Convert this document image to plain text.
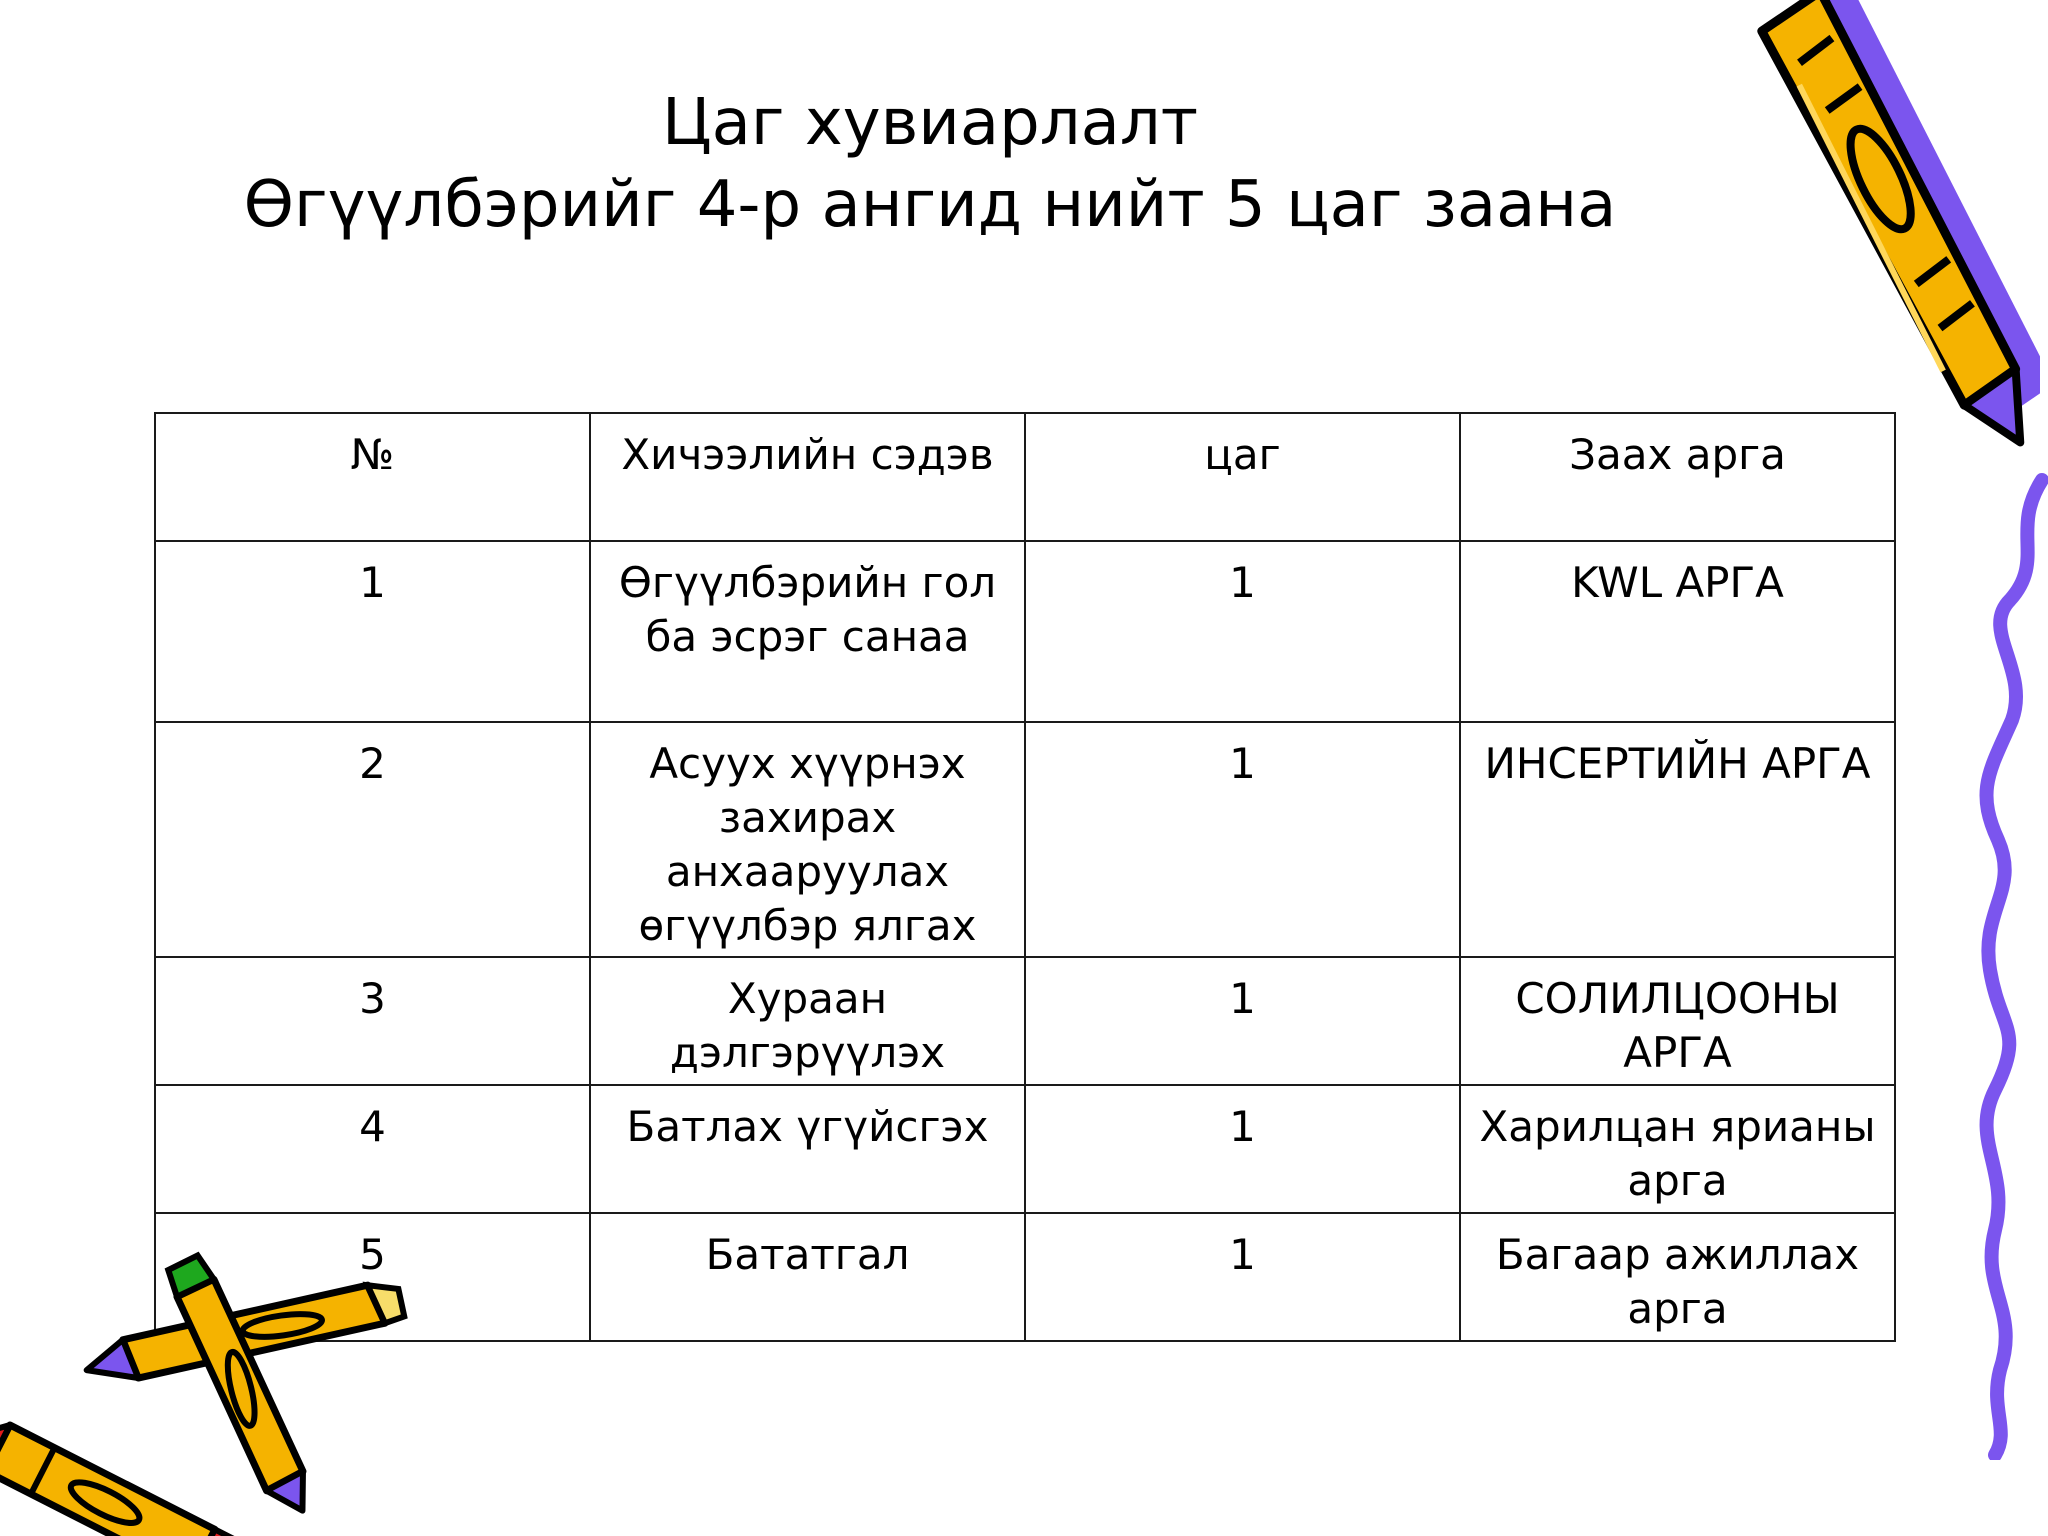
Цаг хувиарлалт
Өгүүлбэрийг 4-р ангид нийт 5 цаг заана
№	Хичээлийн сэдэв	цаг	Заах арга
1	Өгүүлбэрийн гол ба эсрэг санаа	1	KWL АРГА
2	Асуух хүүрнэх захирах анхааруулах өгүүлбэр ялгах	1	ИНСЕРТИЙН АРГА
3	Хураан дэлгэрүүлэх	1	СОЛИЛЦООНЫ АРГА
4	Батлах үгүйсгэх	1	Харилцан ярианы арга
5	Бататгал	1	Багаар ажиллах арга
